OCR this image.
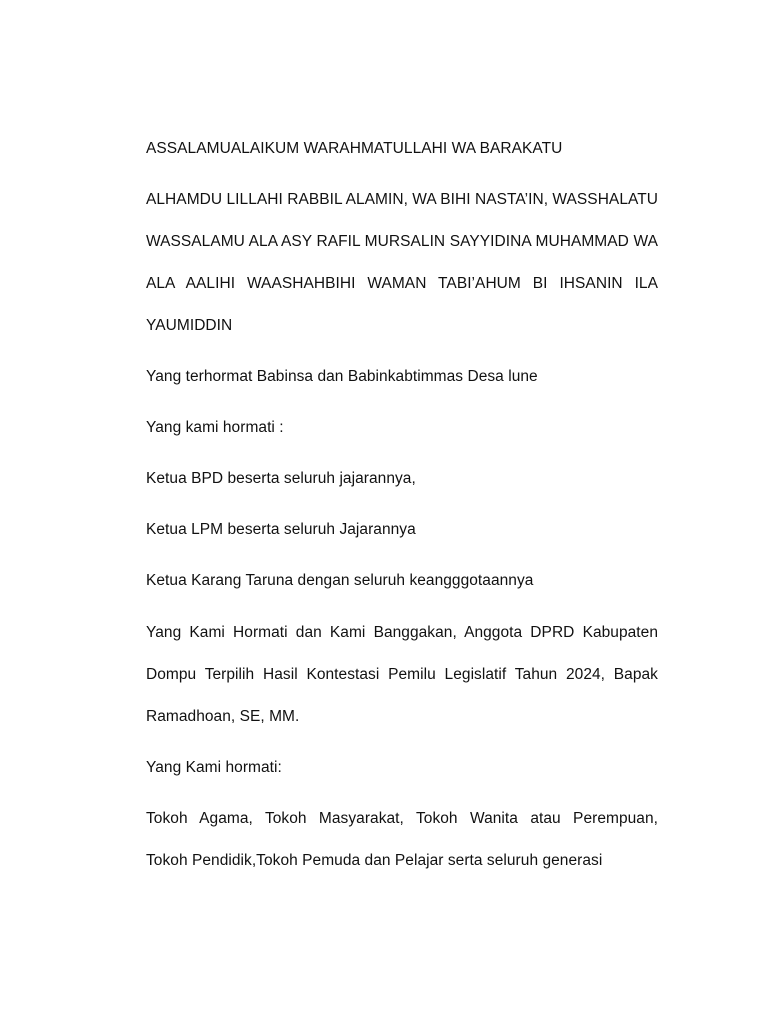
ASSALAMUALAIKUM WARAHMATULLAHI WA BARAKATU
ALHAMDU LILLAHI RABBIL ALAMIN, WA BIHI NASTA’IN, WASSHALATU
WASSALAMU ALA ASY RAFIL MURSALIN SAYYIDINA MUHAMMAD WA
ALA AALIHI WAASHAHBIHI WAMAN TABI’AHUM BI IHSANIN ILA
YAUMIDDIN
Yang terhormat Babinsa dan Babinkabtimmas Desa lune
Yang kami hormati :
Ketua BPD beserta seluruh jajarannya,
Ketua LPM beserta seluruh Jajarannya
Ketua Karang Taruna dengan seluruh keangggotaannya
Yang Kami Hormati dan Kami Banggakan, Anggota DPRD Kabupaten
Dompu Terpilih Hasil Kontestasi Pemilu Legislatif Tahun 2024, Bapak
Ramadhoan, SE, MM.
Yang Kami hormati:
Tokoh Agama, Tokoh Masyarakat, Tokoh Wanita atau Perempuan,
Tokoh Pendidik,Tokoh Pemuda dan Pelajar serta seluruh generasi
